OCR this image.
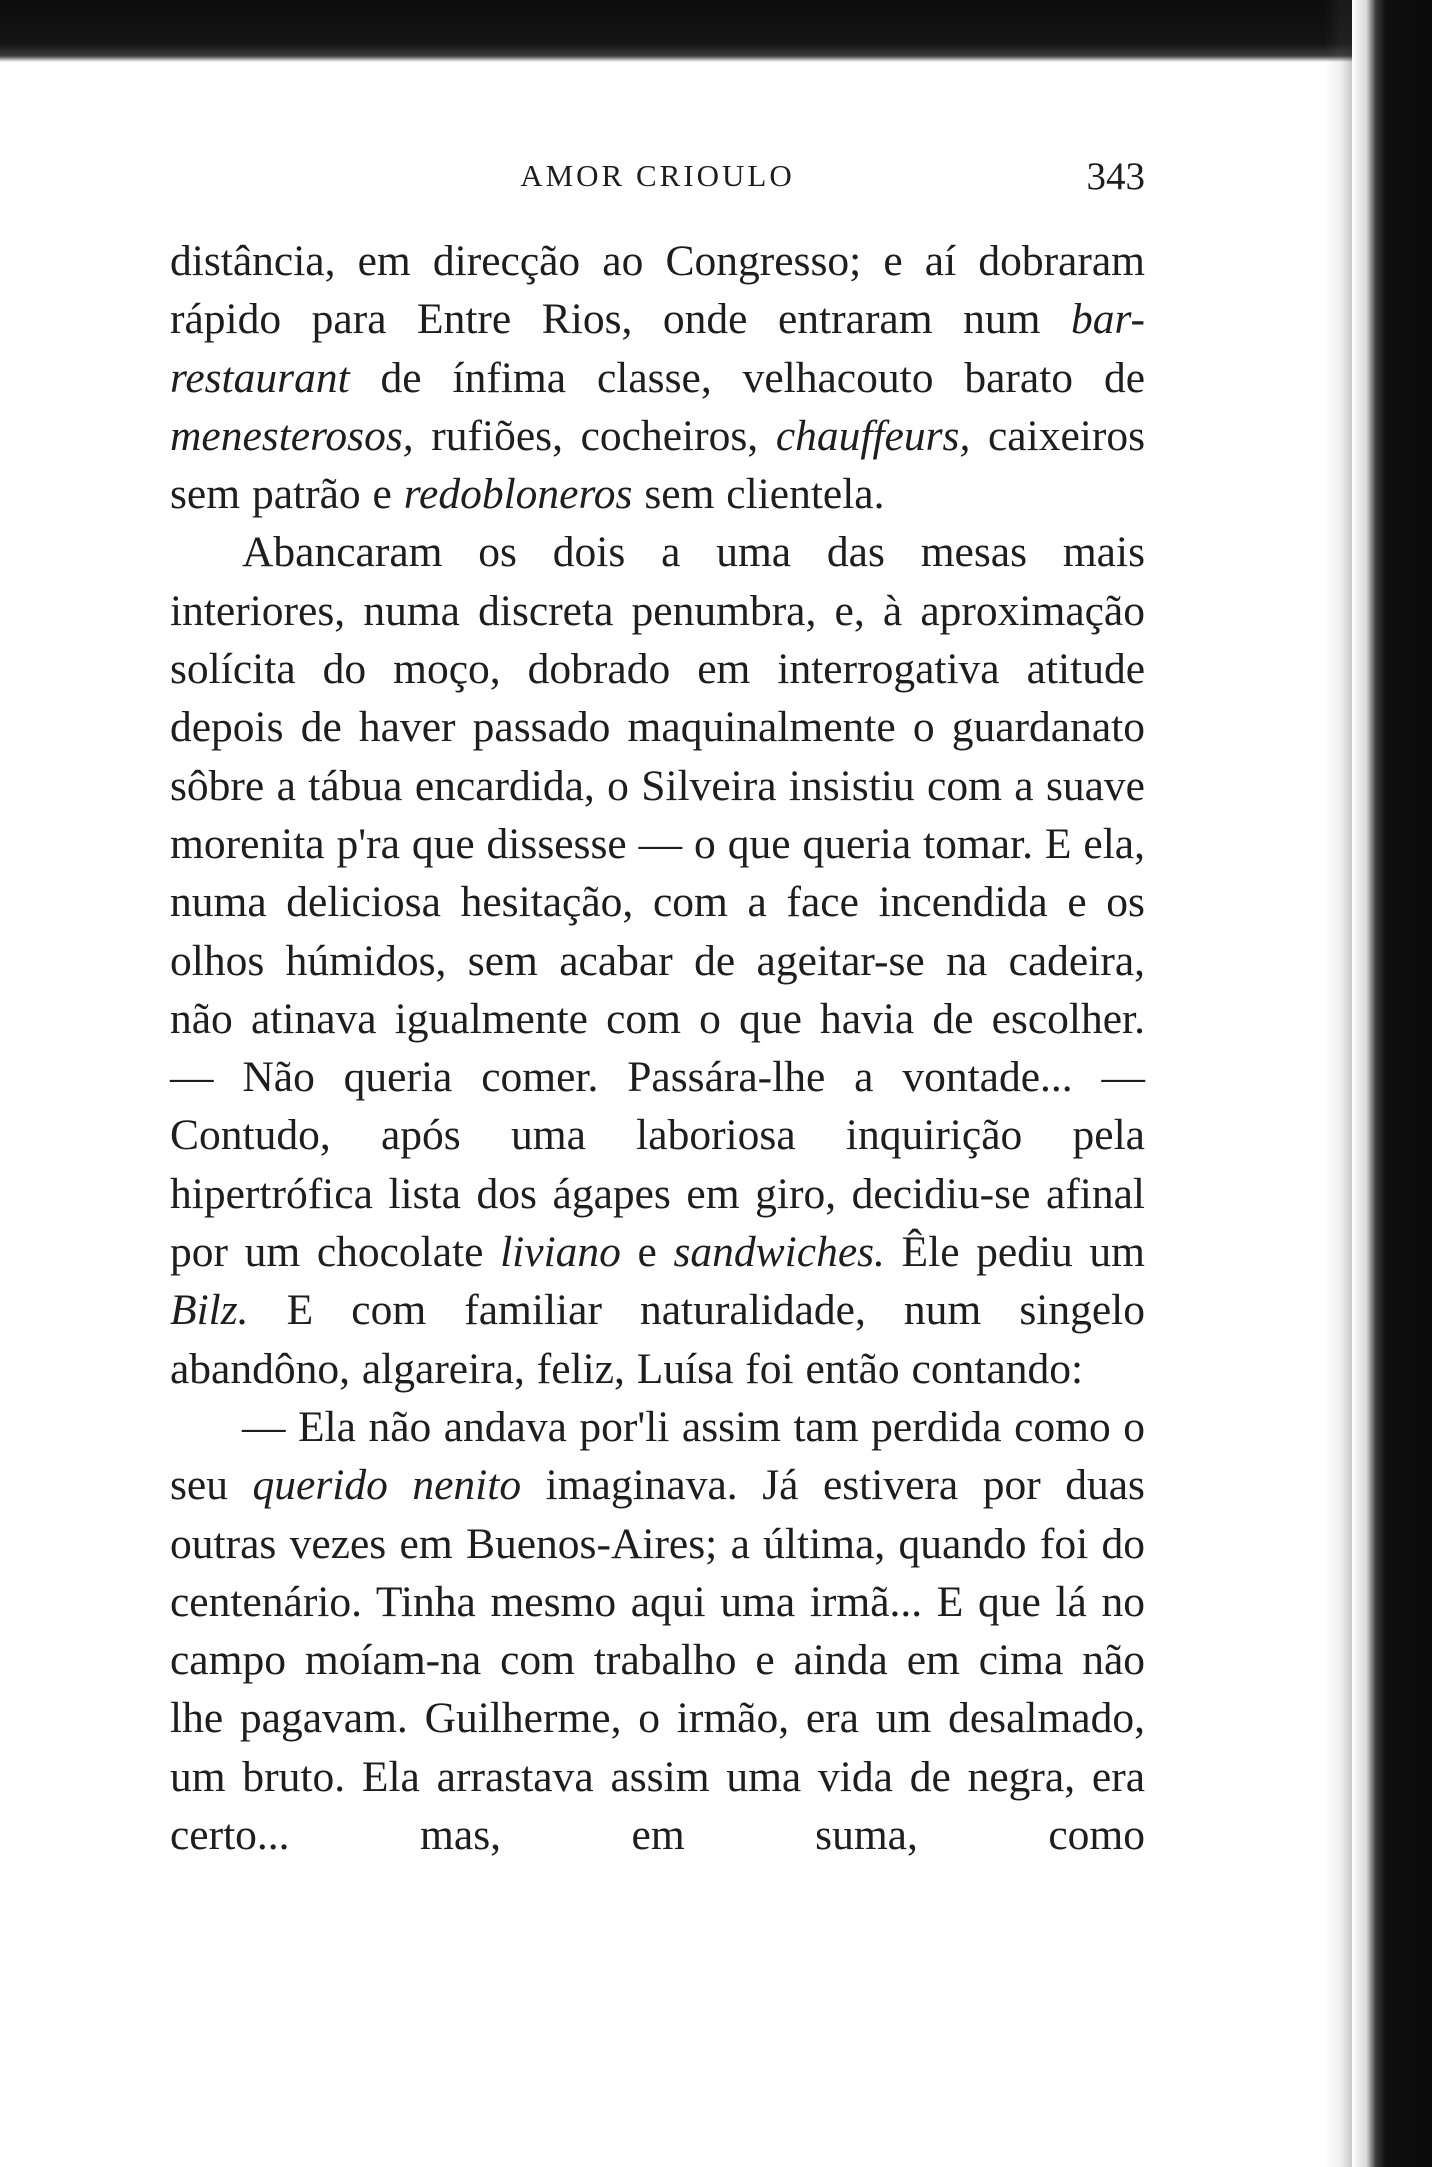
AMOR CRIOULO	343

distância, em direcção ao Congresso; e aí dobraram rápido para Entre Rios, onde entraram num bar-restaurant de ínfima classe, velhacouto barato de menesterosos, rufiões, cocheiros, chauffeurs, caixeiros sem patrão e redobloneros sem clientela.

Abancaram os dois a uma das mesas mais interiores, numa discreta penumbra, e, à aproximação solícita do moço, dobrado em interrogativa atitude depois de haver passado maquinalmente o guardanato sôbre a tábua encardida, o Silveira insistiu com a suave morenita p'ra que dissesse — o que queria tomar. E ela, numa deliciosa hesitação, com a face incendida e os olhos húmidos, sem acabar de ageitar-se na cadeira, não atinava igualmente com o que havia de escolher. — Não queria comer. Passára-lhe a vontade... — Contudo, após uma laboriosa inquirição pela hipertrófica lista dos ágapes em giro, decidiu-se afinal por um chocolate liviano e sandwiches. Êle pediu um Bilz. E com familiar naturalidade, num singelo abandôno, algareira, feliz, Luísa foi então contando:

— Ela não andava por'li assim tam perdida como o seu querido nenito imaginava. Já estivera por duas outras vezes em Buenos-Aires; a última, quando foi do centenário. Tinha mesmo aqui uma irmã... E que lá no campo moíam-na com trabalho e ainda em cima não lhe pagavam. Guilherme, o irmão, era um desalmado, um bruto. Ela arrastava assim uma vida de negra, era certo... mas, em suma, como
